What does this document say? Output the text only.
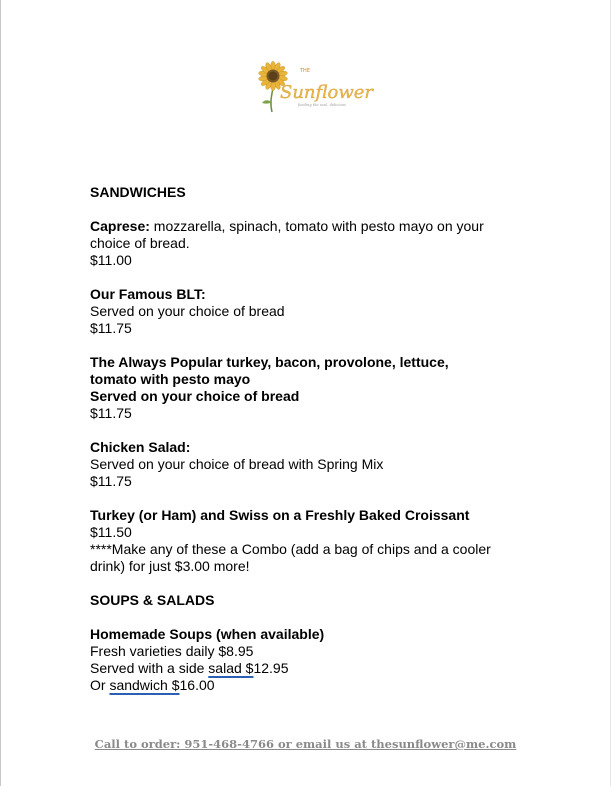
THE
Sunflower
feeding the soul, delicious

SANDWICHES

Caprese: mozzarella, spinach, tomato with pesto mayo on your
choice of bread.
$11.00
Our Famous BLT:
Served on your choice of bread
$11.75
The Always Popular turkey, bacon, provolone, lettuce,
tomato with pesto mayo
Served on your choice of bread
$11.75
Chicken Salad:
Served on your choice of bread with Spring Mix
$11.75
Turkey (or Ham) and Swiss on a Freshly Baked Croissant
$11.50
****Make any of these a Combo (add a bag of chips and a cooler
drink) for just $3.00 more!

SOUPS & SALADS

Homemade Soups (when available)
Fresh varieties daily $8.95
Served with a side salad $12.95
Or sandwich $16.00
Call to order: 951-468-4766 or email us at thesunflower@me.com
